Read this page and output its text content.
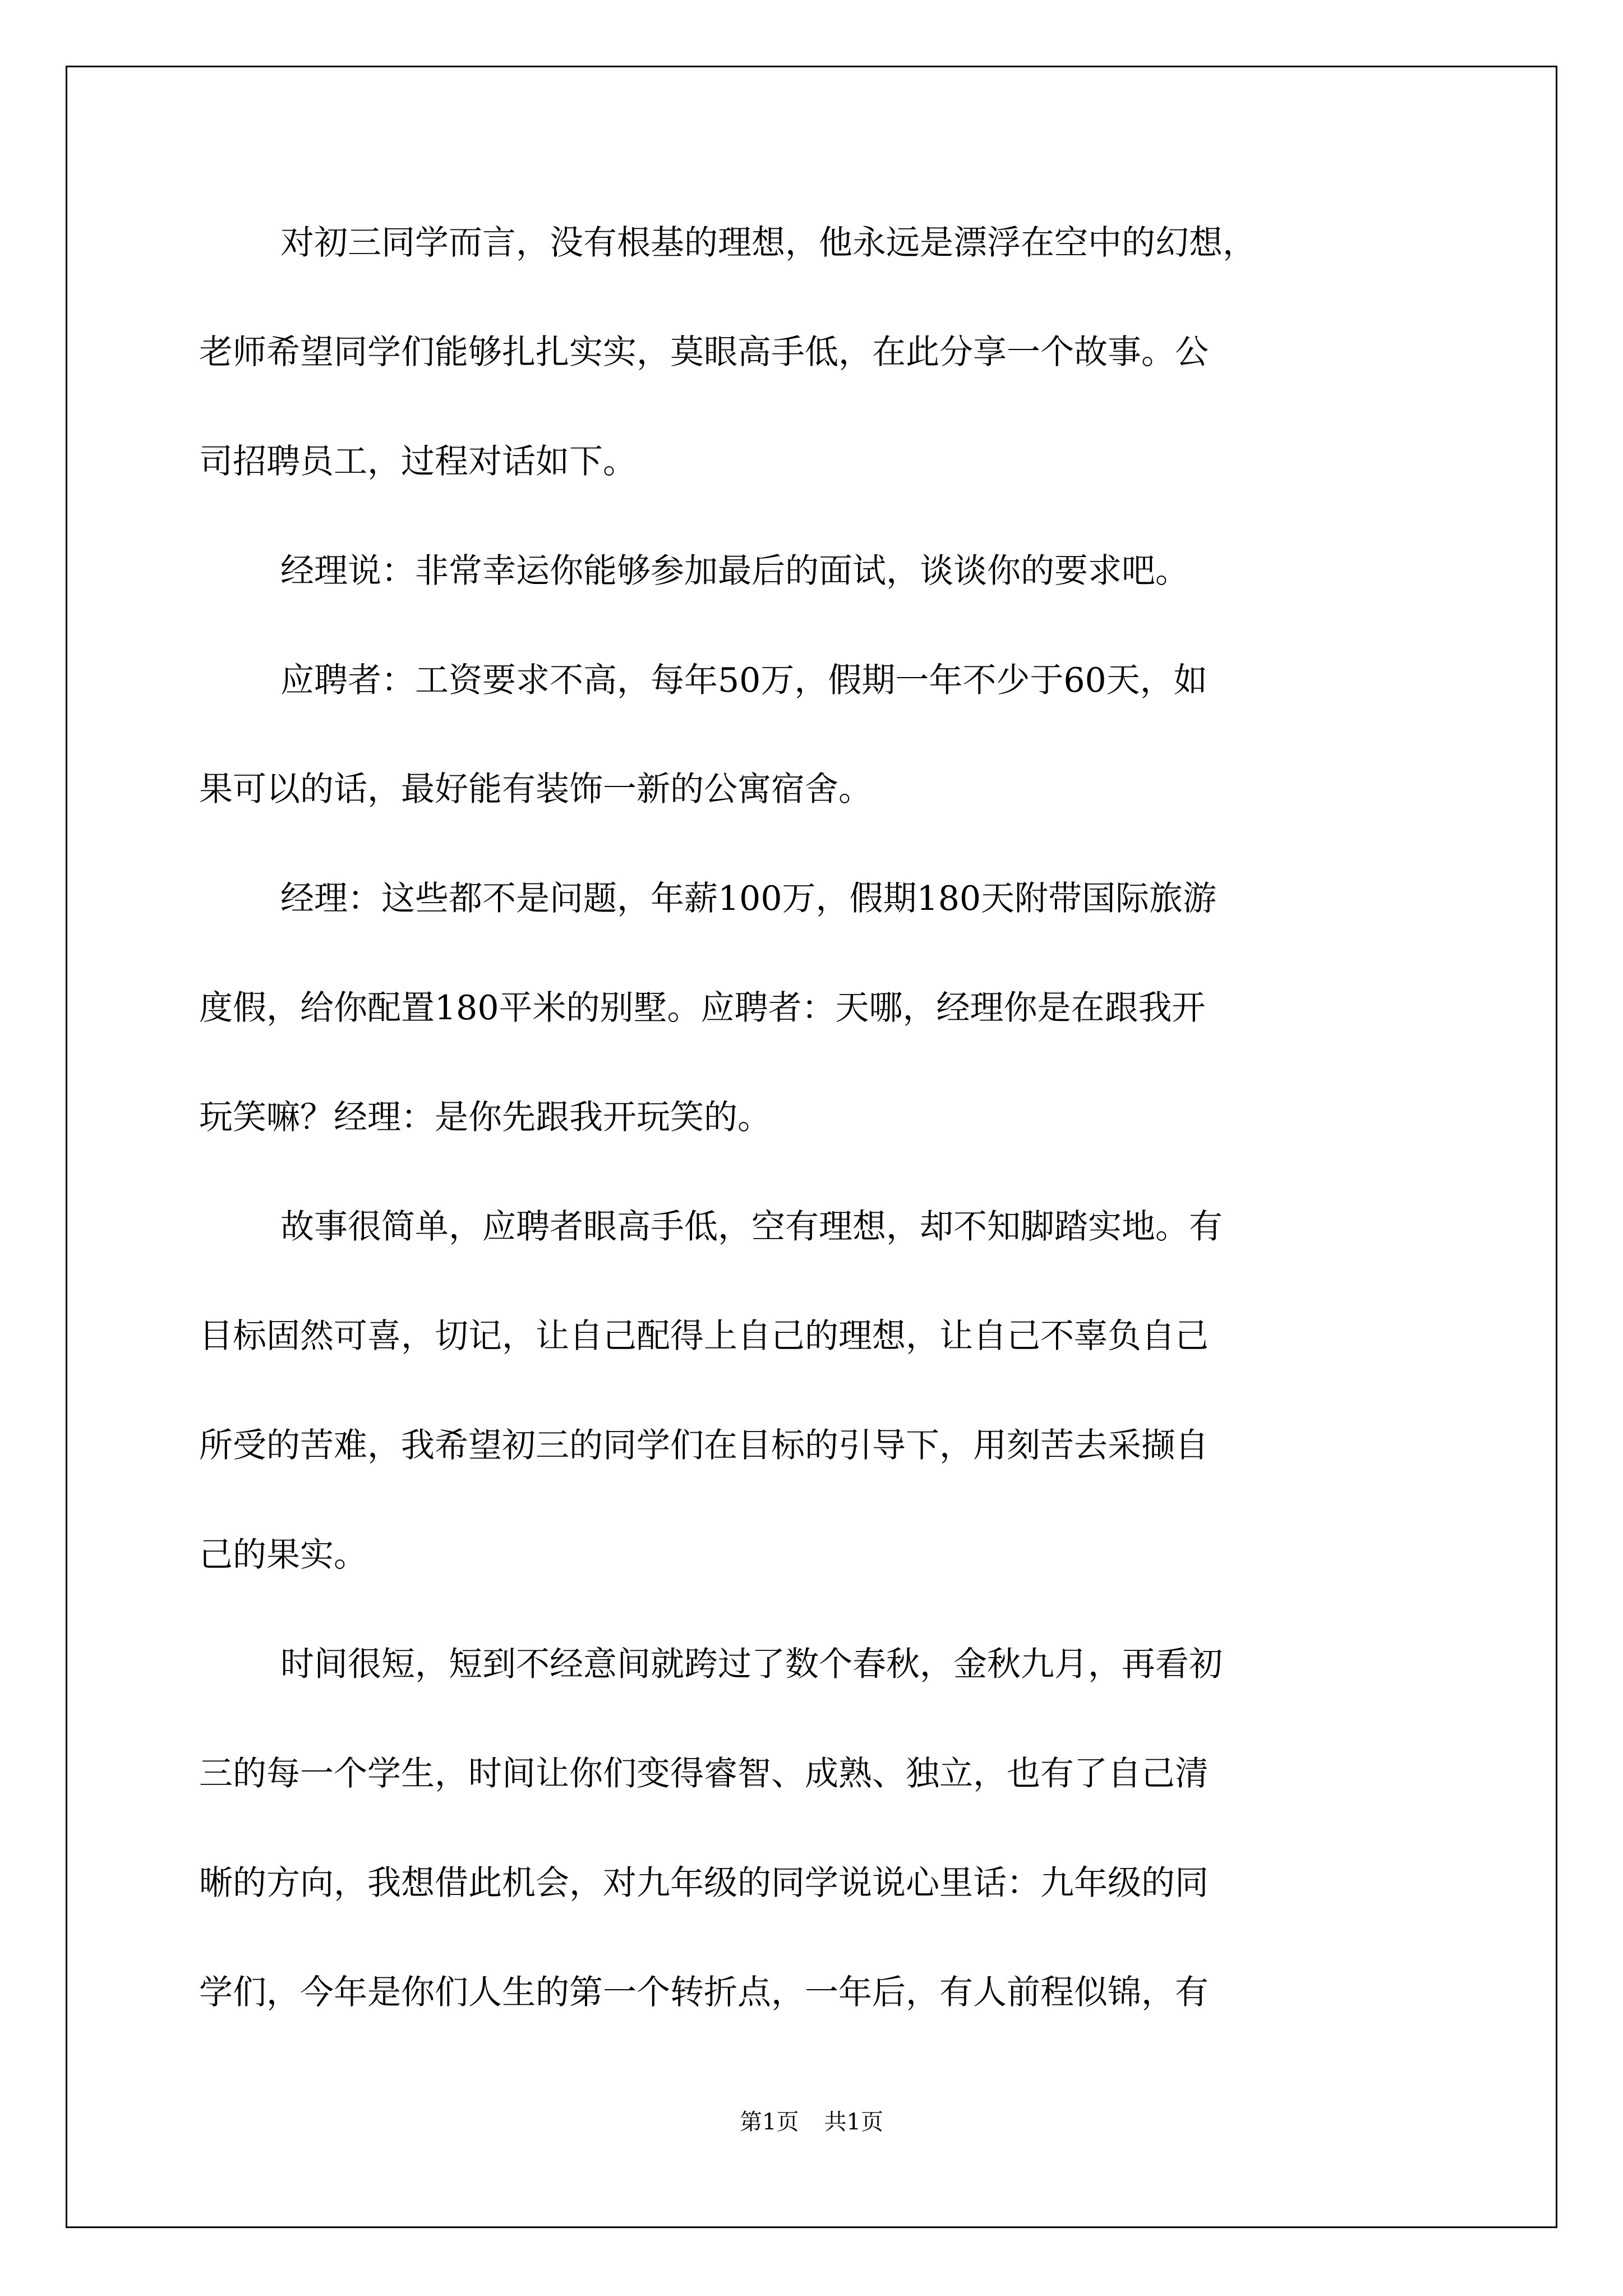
对初三同学而言，没有根基的理想，他永远是漂浮在空中的幻想，
老师希望同学们能够扎扎实实，莫眼高手低，在此分享一个故事。公
司招聘员工，过程对话如下。
经理说：非常幸运你能够参加最后的面试，谈谈你的要求吧。
应聘者：工资要求不高，每年50万，假期一年不少于60天，如
果可以的话，最好能有装饰一新的公寓宿舍。
经理：这些都不是问题，年薪100万，假期180天附带国际旅游
度假，给你配置180平米的别墅。应聘者：天哪，经理你是在跟我开
玩笑嘛？经理：是你先跟我开玩笑的。
故事很简单，应聘者眼高手低，空有理想，却不知脚踏实地。有
目标固然可喜，切记，让自己配得上自己的理想，让自己不辜负自己
所受的苦难，我希望初三的同学们在目标的引导下，用刻苦去采撷自
己的果实。
时间很短，短到不经意间就跨过了数个春秋，金秋九月，再看初
三的每一个学生，时间让你们变得睿智、成熟、独立，也有了自己清
晰的方向，我想借此机会，对九年级的同学说说心里话：九年级的同
学们，今年是你们人生的第一个转折点，一年后，有人前程似锦，有
第1页 共1页
